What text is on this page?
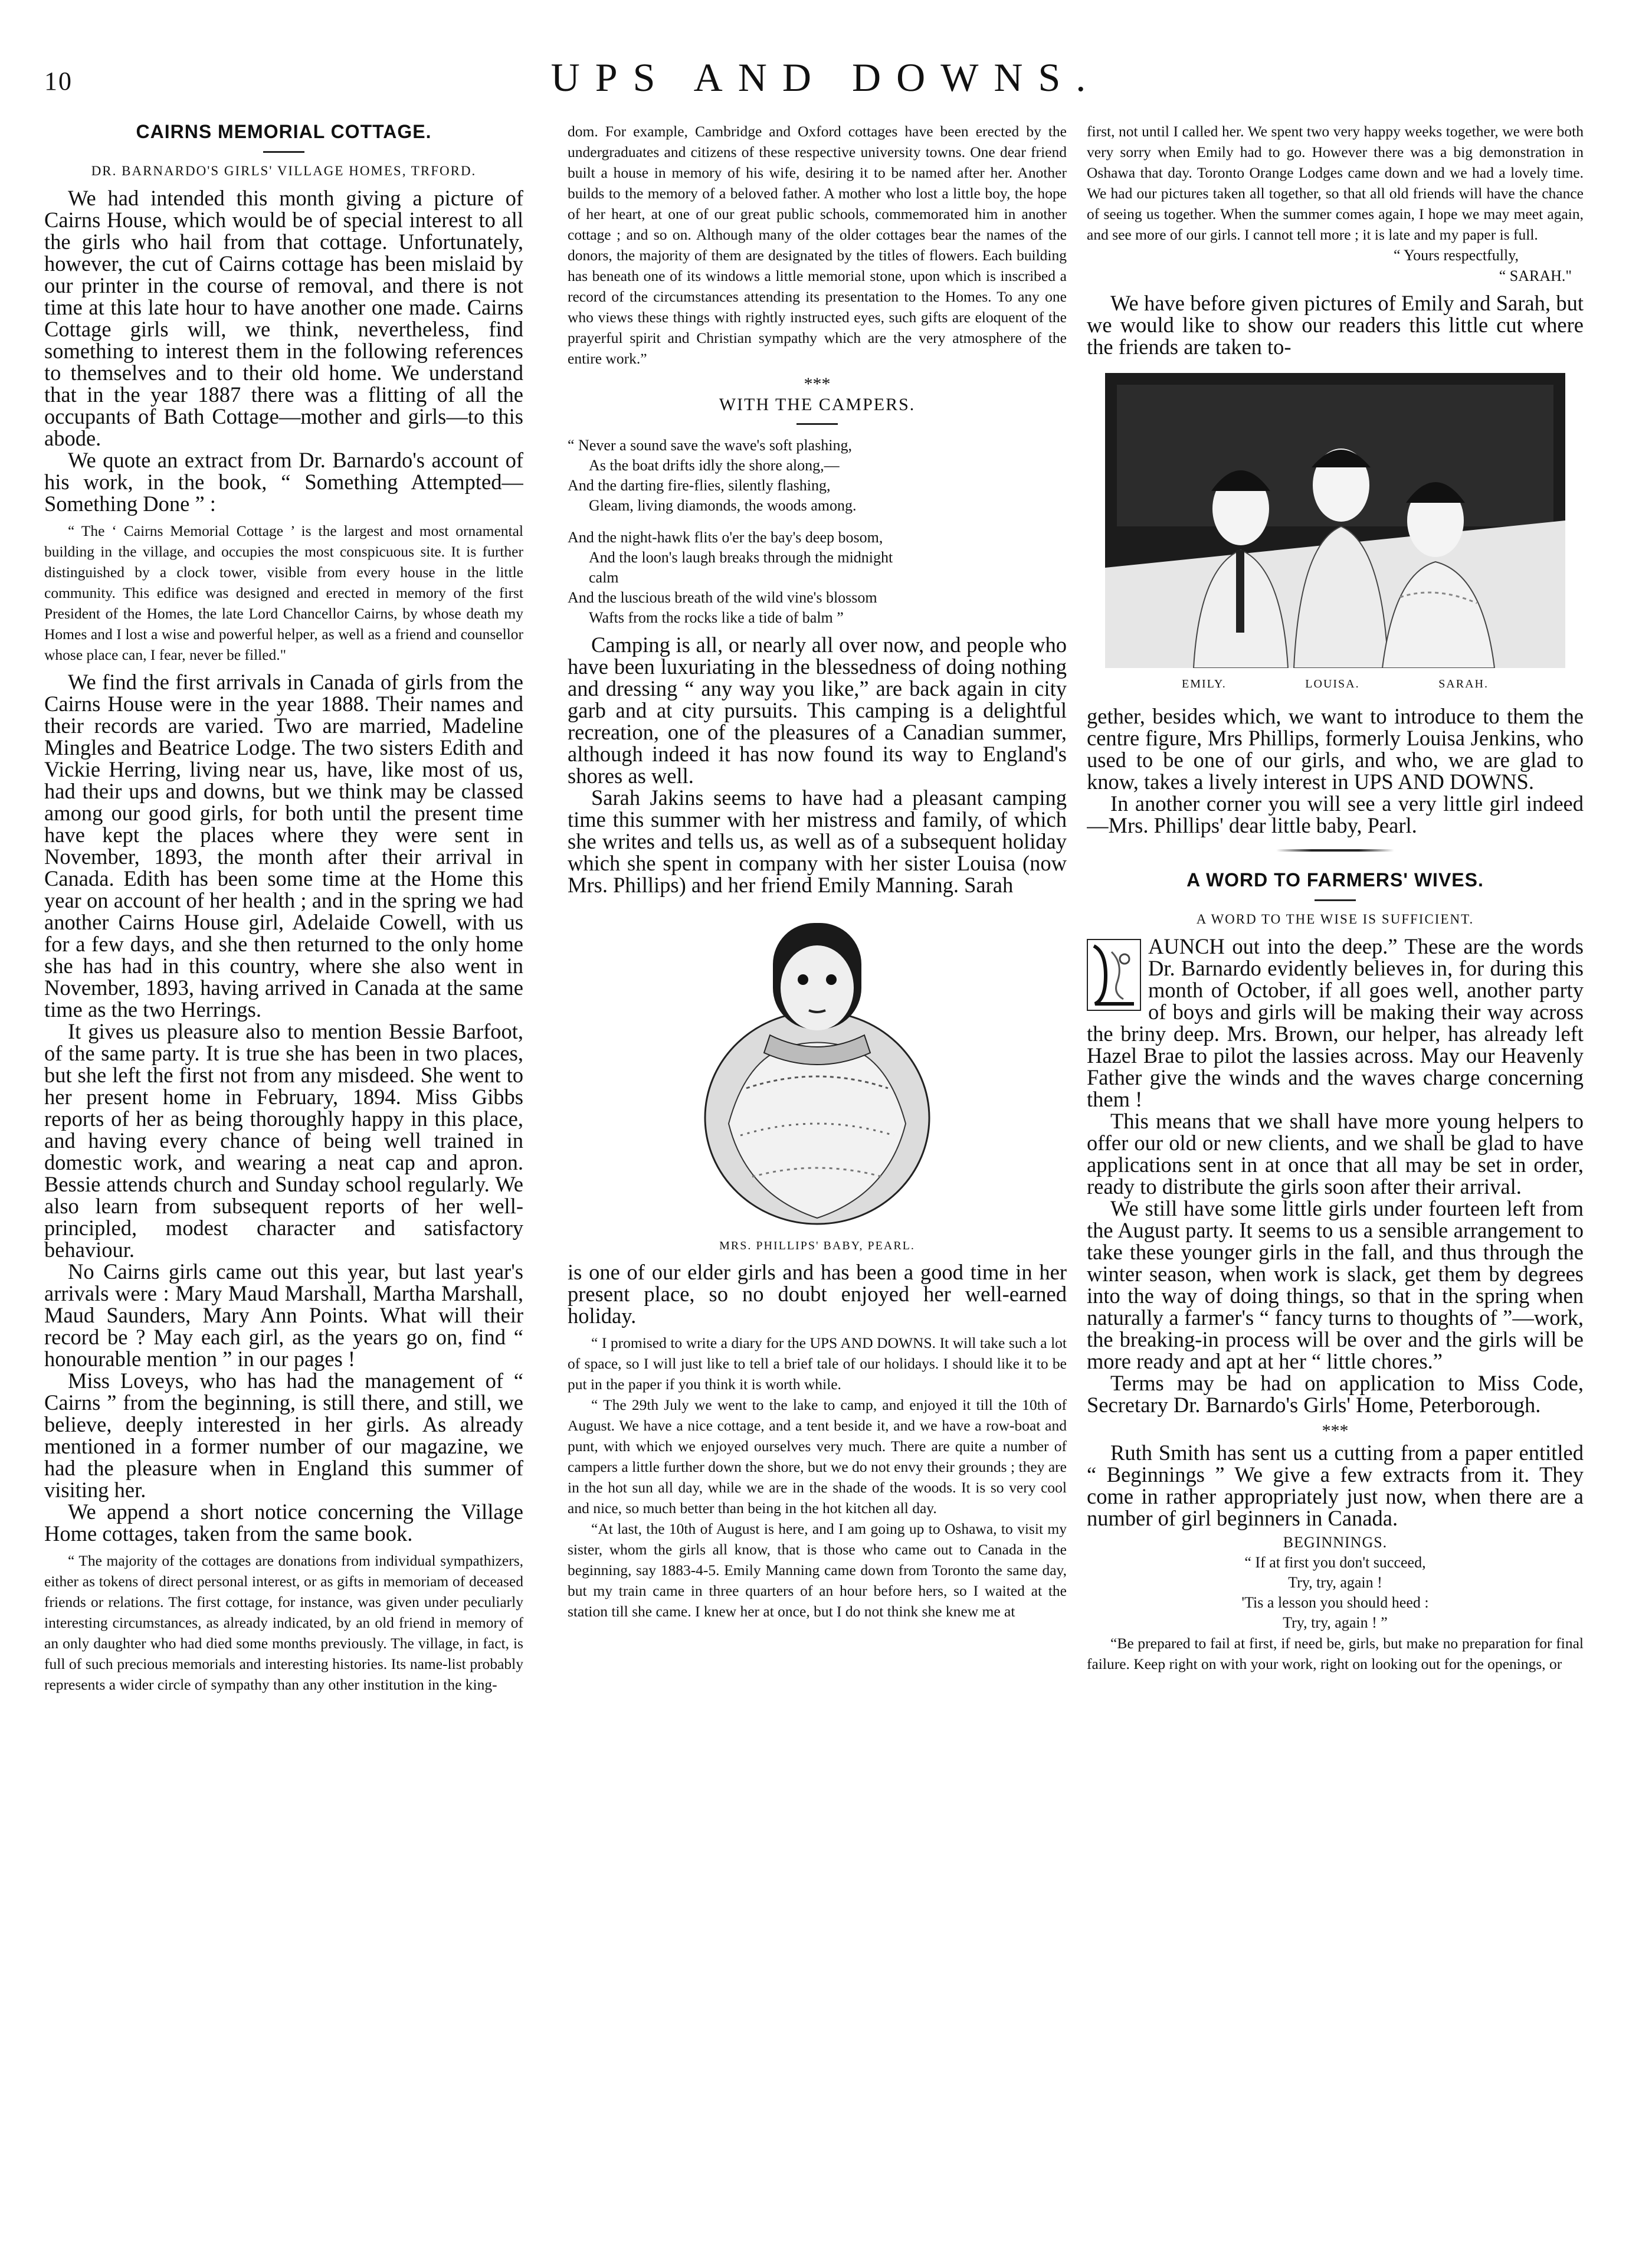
10	UPS AND DOWNS.

CAIRNS MEMORIAL COTTAGE.

DR. BARNARDO'S GIRLS' VILLAGE HOMES, TRFORD.

We had intended this month giving a picture of Cairns House, which would be of special interest to all the girls who hail from that cottage. Unfortunately, however, the cut of Cairns cottage has been mislaid by our printer in the course of removal, and there is not time at this late hour to have another one made. Cairns Cottage girls will, we think, nevertheless, find something to interest them in the following references to themselves and to their old home. We understand that in the year 1887 there was a flitting of all the occupants of Bath Cottage—mother and girls—to this abode.

We quote an extract from Dr. Barnardo's account of his work, in the book, “ Something Attempted—Something Done ” :

“ The ‘ Cairns Memorial Cottage ’ is the largest and most ornamental building in the village, and occupies the most conspicuous site. It is further distinguished by a clock tower, visible from every house in the little community. This edifice was designed and erected in memory of the first President of the Homes, the late Lord Chancellor Cairns, by whose death my Homes and I lost a wise and powerful helper, as well as a friend and counsellor whose place can, I fear, never be filled."

We find the first arrivals in Canada of girls from the Cairns House were in the year 1888. Their names and their records are varied. Two are married, Madeline Mingles and Beatrice Lodge. The two sisters Edith and Vickie Herring, living near us, have, like most of us, had their ups and downs, but we think may be classed among our good girls, for both until the present time have kept the places where they were sent in November, 1893, the month after their arrival in Canada. Edith has been some time at the Home this year on account of her health ; and in the spring we had another Cairns House girl, Adelaide Cowell, with us for a few days, and she then returned to the only home she has had in this country, where she also went in November, 1893, having arrived in Canada at the same time as the two Herrings.

It gives us pleasure also to mention Bessie Barfoot, of the same party. It is true she has been in two places, but she left the first not from any misdeed. She went to her present home in February, 1894. Miss Gibbs reports of her as being thoroughly happy in this place, and having every chance of being well trained in domestic work, and wearing a neat cap and apron. Bessie attends church and Sunday school regularly. We also learn from subsequent reports of her well-principled, modest character and satisfactory behaviour.

No Cairns girls came out this year, but last year's arrivals were : Mary Maud Marshall, Martha Marshall, Maud Saunders, Mary Ann Points. What will their record be ? May each girl, as the years go on, find “ honourable mention ” in our pages !

Miss Loveys, who has had the management of “ Cairns ” from the beginning, is still there, and still, we believe, deeply interested in her girls. As already mentioned in a former number of our magazine, we had the pleasure when in England this summer of visiting her.

We append a short notice concerning the Village Home cottages, taken from the same book.

“ The majority of the cottages are donations from individual sympathizers, either as tokens of direct personal interest, or as gifts in memoriam of deceased friends or relations. The first cottage, for instance, was given under peculiarly interesting circumstances, as already indicated, by an old friend in memory of an only daughter who had died some months previously. The village, in fact, is full of such precious memorials and interesting histories. Its name-list probably represents a wider circle of sympathy than any other institution in the king-

dom. For example, Cambridge and Oxford cottages have been erected by the undergraduates and citizens of these respective university towns. One dear friend built a house in memory of his wife, desiring it to be named after her. Another builds to the memory of a beloved father. A mother who lost a little boy, the hope of her heart, at one of our great public schools, commemorated him in another cottage ; and so on. Although many of the older cottages bear the names of the donors, the majority of them are designated by the titles of flowers. Each building has beneath one of its windows a little memorial stone, upon which is inscribed a record of the circumstances attending its presentation to the Homes. To any one who views these things with rightly instructed eyes, such gifts are eloquent of the prayerful spirit and Christian sympathy which are the very atmosphere of the entire work.”

***

WITH THE CAMPERS.

“ Never a sound save the wave's soft plashing,
As the boat drifts idly the shore along,—
And the darting fire-flies, silently flashing,
Gleam, living diamonds, the woods among.
And the night-hawk flits o'er the bay's deep bosom,
And the loon's laugh breaks through the midnight
calm
And the luscious breath of the wild vine's blossom
Wafts from the rocks like a tide of balm ”

Camping is all, or nearly all over now, and people who have been luxuriating in the blessedness of doing nothing and dressing “ any way you like,” are back again in city garb and at city pursuits. This camping is a delightful recreation, one of the pleasures of a Canadian summer, although indeed it has now found its way to England's shores as well.

Sarah Jakins seems to have had a pleasant camping time this summer with her mistress and family, of which she writes and tells us, as well as of a subsequent holiday which she spent in company with her sister Louisa (now Mrs. Phillips) and her friend Emily Manning. Sarah

MRS. PHILLIPS' BABY, PEARL.

is one of our elder girls and has been a good time in her present place, so no doubt enjoyed her well-earned holiday.

“ I promised to write a diary for the UPS AND DOWNS. It will take such a lot of space, so I will just like to tell a brief tale of our holidays. I should like it to be put in the paper if you think it is worth while.

“ The 29th July we went to the lake to camp, and enjoyed it till the 10th of August. We have a nice cottage, and a tent beside it, and we have a row-boat and punt, with which we enjoyed ourselves very much. There are quite a number of campers a little further down the shore, but we do not envy their grounds ; they are in the hot sun all day, while we are in the shade of the woods. It is so very cool and nice, so much better than being in the hot kitchen all day.

“At last, the 10th of August is here, and I am going up to Oshawa, to visit my sister, whom the girls all know, that is those who came out to Canada in the beginning, say 1883-4-5. Emily Manning came down from Toronto the same day, but my train came in three quarters of an hour before hers, so I waited at the station till she came. I knew her at once, but I do not think she knew me at

first, not until I called her. We spent two very happy weeks together, we were both very sorry when Emily had to go. However there was a big demonstration in Oshawa that day. Toronto Orange Lodges came down and we had a lovely time. We had our pictures taken all together, so that all old friends will have the chance of seeing us together. When the summer comes again, I hope we may meet again, and see more of our girls. I cannot tell more ; it is late and my paper is full.

“ Yours respectfully,

“ SARAH."

We have before given pictures of Emily and Sarah, but we would like to show our readers this little cut where the friends are taken to-

EMILY.	LOUISA.	SARAH.

gether, besides which, we want to introduce to them the centre figure, Mrs Phillips, formerly Louisa Jenkins, who used to be one of our girls, and who, we are glad to know, takes a lively interest in UPS AND DOWNS.

In another corner you will see a very little girl indeed—Mrs. Phillips' dear little baby, Pearl.

A WORD TO FARMERS' WIVES.

A WORD TO THE WISE IS SUFFICIENT.

AUNCH out into the deep.” These are the words Dr. Barnardo evidently believes in, for during this month of October, if all goes well, another party of boys and girls will be making their way across the briny deep. Mrs. Brown, our helper, has already left Hazel Brae to pilot the lassies across. May our Heavenly Father give the winds and the waves charge concerning them !

This means that we shall have more young helpers to offer our old or new clients, and we shall be glad to have applications sent in at once that all may be set in order, ready to distribute the girls soon after their arrival.

We still have some little girls under fourteen left from the August party. It seems to us a sensible arrangement to take these younger girls in the fall, and thus through the winter season, when work is slack, get them by degrees into the way of doing things, so that in the spring when naturally a farmer's “ fancy turns to thoughts of ”—work, the breaking-in process will be over and the girls will be more ready and apt at her “ little chores.”

Terms may be had on application to Miss Code, Secretary Dr. Barnardo's Girls' Home, Peterborough.

***

Ruth Smith has sent us a cutting from a paper entitled “ Beginnings ” We give a few extracts from it. They come in rather appropriately just now, when there are a number of girl beginners in Canada.

BEGINNINGS.

“ If at first you don't succeed,
Try, try, again !
'Tis a lesson you should heed :
Try, try, again ! ”

“Be prepared to fail at first, if need be, girls, but make no preparation for final failure. Keep right on with your work, right on looking out for the openings, or
